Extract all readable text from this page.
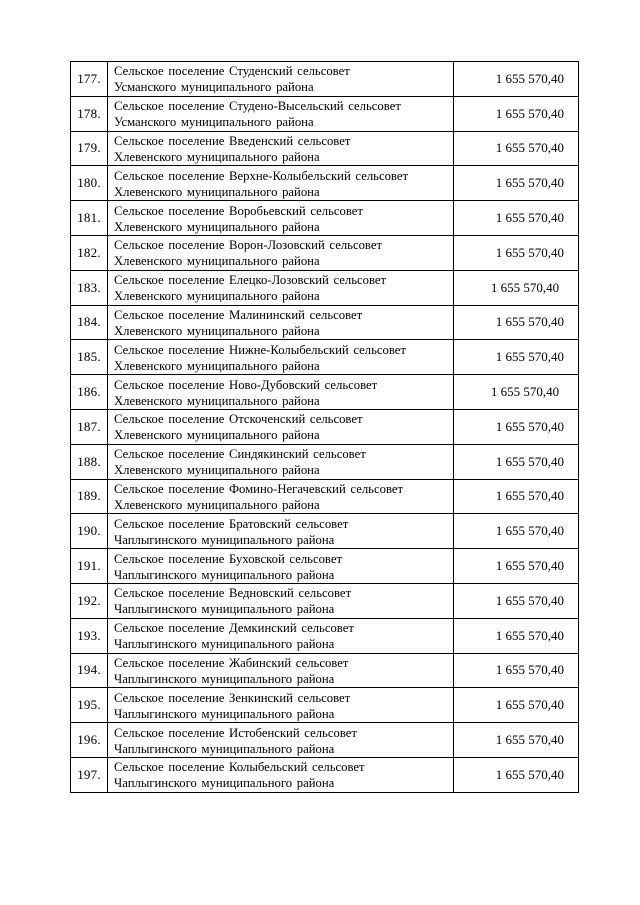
177.	Сельское поселение Студенский сельсовет
Усманского муниципального района	1 655 570,40
178.	Сельское поселение Студено-Высельский сельсовет
Усманского муниципального района	1 655 570,40
179.	Сельское поселение Введенский сельсовет
Хлевенского муниципального района	1 655 570,40
180.	Сельское поселение Верхне-Колыбельский сельсовет
Хлевенского муниципального района	1 655 570,40
181.	Сельское поселение Воробьевский сельсовет
Хлевенского муниципального района	1 655 570,40
182.	Сельское поселение Ворон-Лозовский сельсовет
Хлевенского муниципального района	1 655 570,40
183.	Сельское поселение Елецко-Лозовский сельсовет
Хлевенского муниципального района	1 655 570,40
184.	Сельское поселение Малининский сельсовет
Хлевенского муниципального района	1 655 570,40
185.	Сельское поселение Нижне-Колыбельский сельсовет
Хлевенского муниципального района	1 655 570,40
186.	Сельское поселение Ново-Дубовский сельсовет
Хлевенского муниципального района	1 655 570,40
187.	Сельское поселение Отскоченский сельсовет
Хлевенского муниципального района	1 655 570,40
188.	Сельское поселение Синдякинский сельсовет
Хлевенского муниципального района	1 655 570,40
189.	Сельское поселение Фомино-Негачевский сельсовет
Хлевенского муниципального района	1 655 570,40
190.	Сельское поселение Братовский сельсовет
Чаплыгинского муниципального района	1 655 570,40
191.	Сельское поселение Буховской сельсовет
Чаплыгинского муниципального района	1 655 570,40
192.	Сельское поселение Ведновский сельсовет
Чаплыгинского муниципального района	1 655 570,40
193.	Сельское поселение Демкинский сельсовет
Чаплыгинского муниципального района	1 655 570,40
194.	Сельское поселение Жабинский сельсовет
Чаплыгинского муниципального района	1 655 570,40
195.	Сельское поселение Зенкинский сельсовет
Чаплыгинского муниципального района	1 655 570,40
196.	Сельское поселение Истобенский сельсовет
Чаплыгинского муниципального района	1 655 570,40
197.	Сельское поселение Колыбельский сельсовет
Чаплыгинского муниципального района	1 655 570,40
